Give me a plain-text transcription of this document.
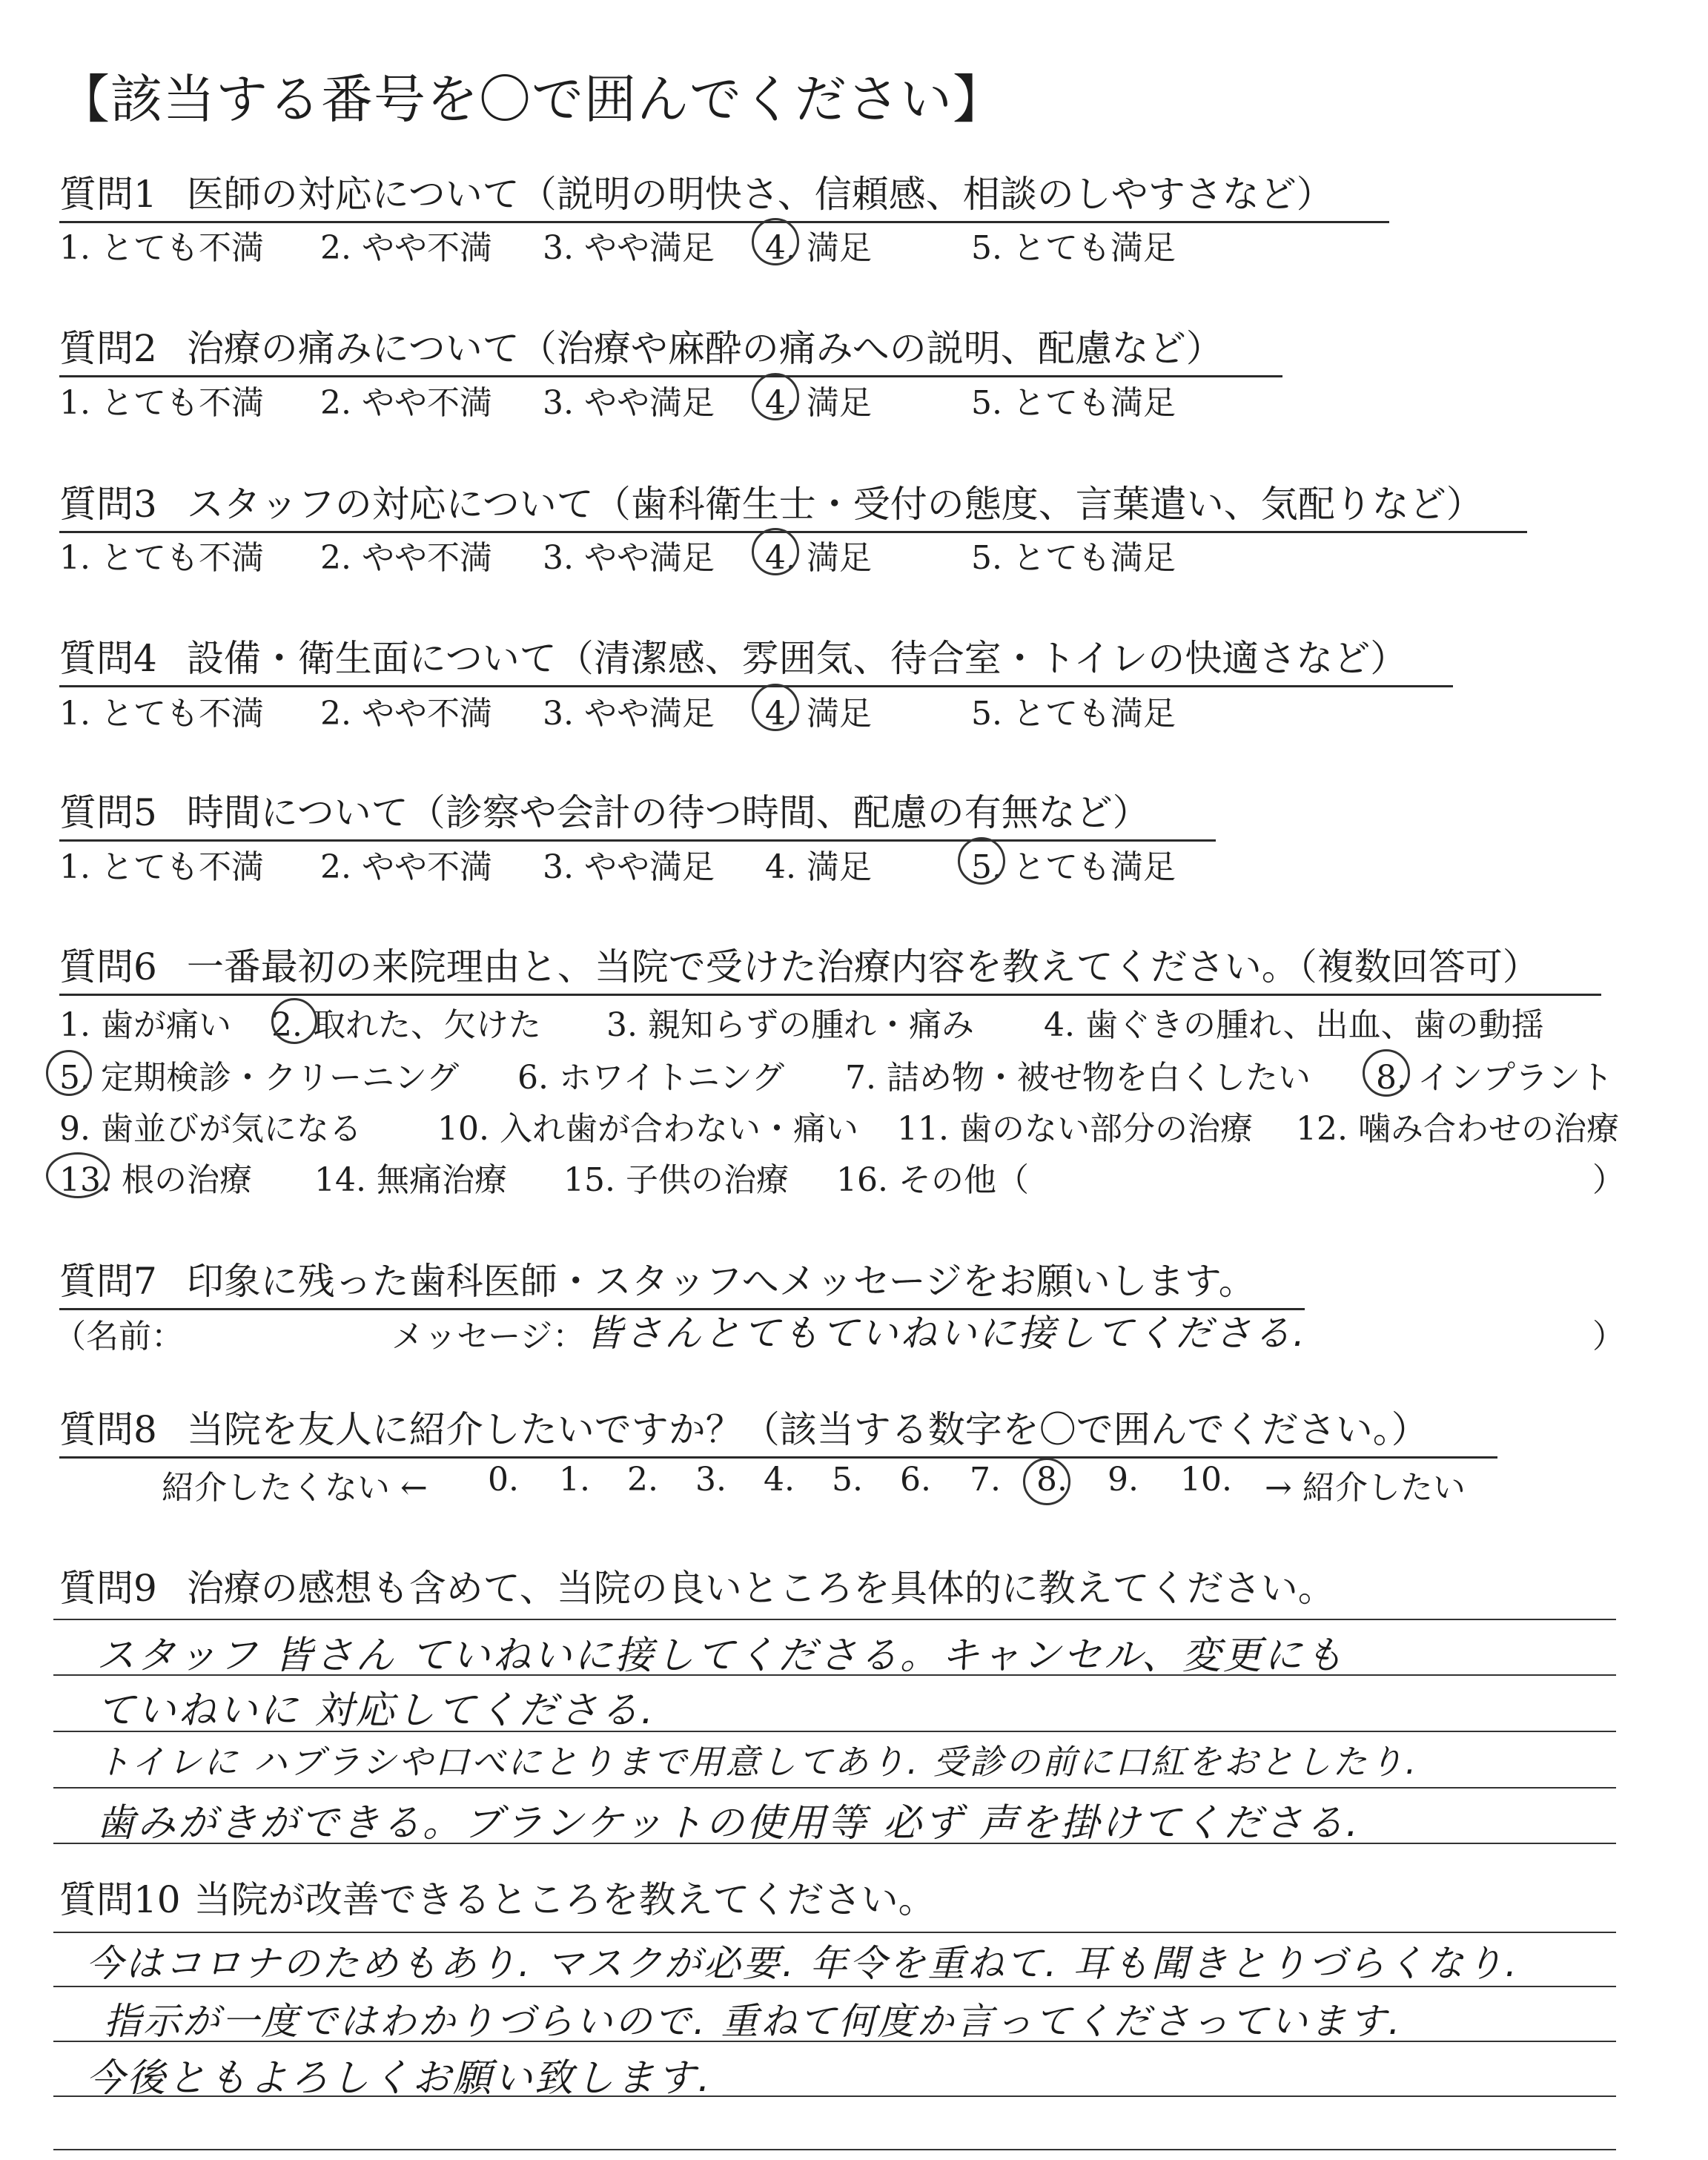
【該当する番号を〇で囲んでください】
質問1 医師の対応について（説明の明快さ、信頼感、相談のしやすさなど）
1. とても不満 2. やや不満 3. やや満足 4. 満足	5. とても満足
質問2 治療の痛みについて（治療や麻酔の痛みへの説明、配慮など）
1. とても不満 2. やや不満 3. やや満足 4. 満足	5. とても満足
質問3 スタッフの対応について（歯科衛生士・受付の態度、言葉遣い、気配りなど）
1. とても不満 2. やや不満 3. やや満足 4. 満足	5. とても満足
質問4 設備・衛生面について（清潔感、雰囲気、待合室・トイレの快適さなど）
1. とても不満 2. やや不満 3. やや満足 4. 満足	5. とても満足
質問5 時間について（診察や会計の待つ時間、配慮の有無など）
1. とても不満 2. やや不満 3. やや満足 4. 満足	5. とても満足
質問6 一番最初の来院理由と、当院で受けた治療内容を教えてください。（複数回答可）
1. 歯が痛い 2. 取れた、欠けた 3. 親知らずの腫れ・痛み 4. 歯ぐきの腫れ、出血、歯の動揺
5. 定期検診・クリーニング 6. ホワイトニング 7. 詰め物・被せ物を白くしたい 8. インプラント
9. 歯並びが気になる 10. 入れ歯が合わない・痛い 11. 歯のない部分の治療 12. 噛み合わせの治療
13. 根の治療 14. 無痛治療 15. 子供の治療 16. その他（	）
質問7 印象に残った歯科医師・スタッフへメッセージをお願いします。
（名前：	メッセージ： 皆さんとてもていねいに接してくださる.	）
質問8 当院を友人に紹介したいですか？（該当する数字を〇で囲んでください。）
紹介したくない ← 0. 1. 2. 3. 4. 5. 6. 7. 8. 9. 10. → 紹介したい
質問9 治療の感想も含めて、当院の良いところを具体的に教えてください。
スタッフ 皆さん ていねいに接してくださる。キャンセル、変更にも
ていねいに 対応してくださる.
トイレに ハブラシや口べにとりまで用意してあり. 受診の前に口紅をおとしたり.
歯みがきができる。ブランケットの使用等 必ず 声を掛けてくださる.
質問10 当院が改善できるところを教えてください。
今はコロナのためもあり. マスクが必要. 年令を重ねて. 耳も聞きとりづらくなり.
指示が一度ではわかりづらいので. 重ねて何度か言ってくださっています.
今後ともよろしくお願い致します.
